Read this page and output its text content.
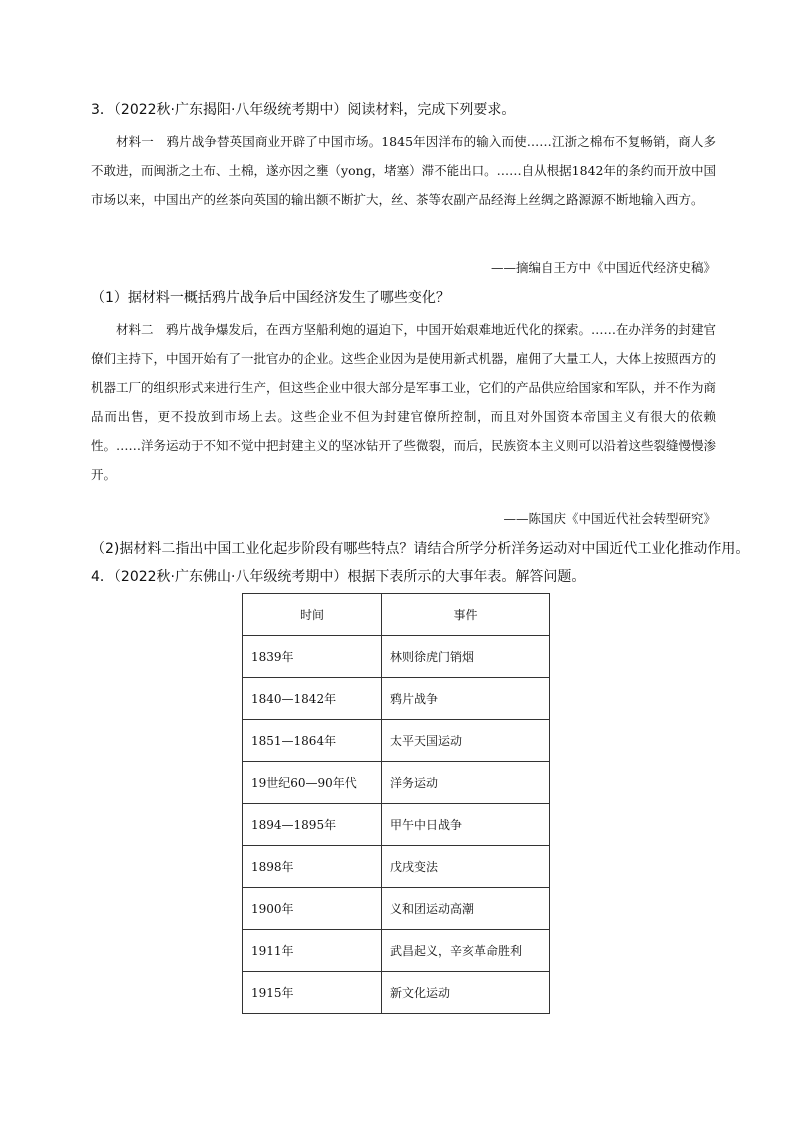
3．（2022秋·广东揭阳·八年级统考期中）阅读材料，完成下列要求。
材料一　鸦片战争替英国商业开辟了中国市场。1845年因洋布的输入而使……江浙之棉布不复畅销，商人多不敢进，而闽浙之土布、土棉，遂亦因之壅（yong，堵塞）滞不能出口。……自从根据1842年的条约而开放中国市场以来，中国出产的丝茶向英国的输出额不断扩大，丝、茶等农副产品经海上丝绸之路源源不断地输入西方。
——摘编自王方中《中国近代经济史稿》
（1）据材料一概括鸦片战争后中国经济发生了哪些变化？
材料二　鸦片战争爆发后，在西方坚船利炮的逼迫下，中国开始艰难地近代化的探索。……在办洋务的封建官僚们主持下，中国开始有了一批官办的企业。这些企业因为是使用新式机器，雇佣了大量工人，大体上按照西方的机器工厂的组织形式来进行生产，但这些企业中很大部分是军事工业，它们的产品供应给国家和军队，并不作为商品而出售，更不投放到市场上去。这些企业不但为封建官僚所控制，而且对外国资本帝国主义有很大的依赖性。……洋务运动于不知不觉中把封建主义的坚冰钻开了些微裂，而后，民族资本主义则可以沿着这些裂缝慢慢渗开。
——陈国庆《中国近代社会转型研究》
（2)据材料二指出中国工业化起步阶段有哪些特点？请结合所学分析洋务运动对中国近代工业化推动作用。
4．（2022秋·广东佛山·八年级统考期中）根据下表所示的大事年表。解答问题。
时间	事件
1839年	林则徐虎门销烟
1840—1842年	鸦片战争
1851—1864年	太平天国运动
19世纪60—90年代	洋务运动
1894—1895年	甲午中日战争
1898年	戊戌变法
1900年	义和团运动高潮
1911年	武昌起义，辛亥革命胜利
1915年	新文化运动
